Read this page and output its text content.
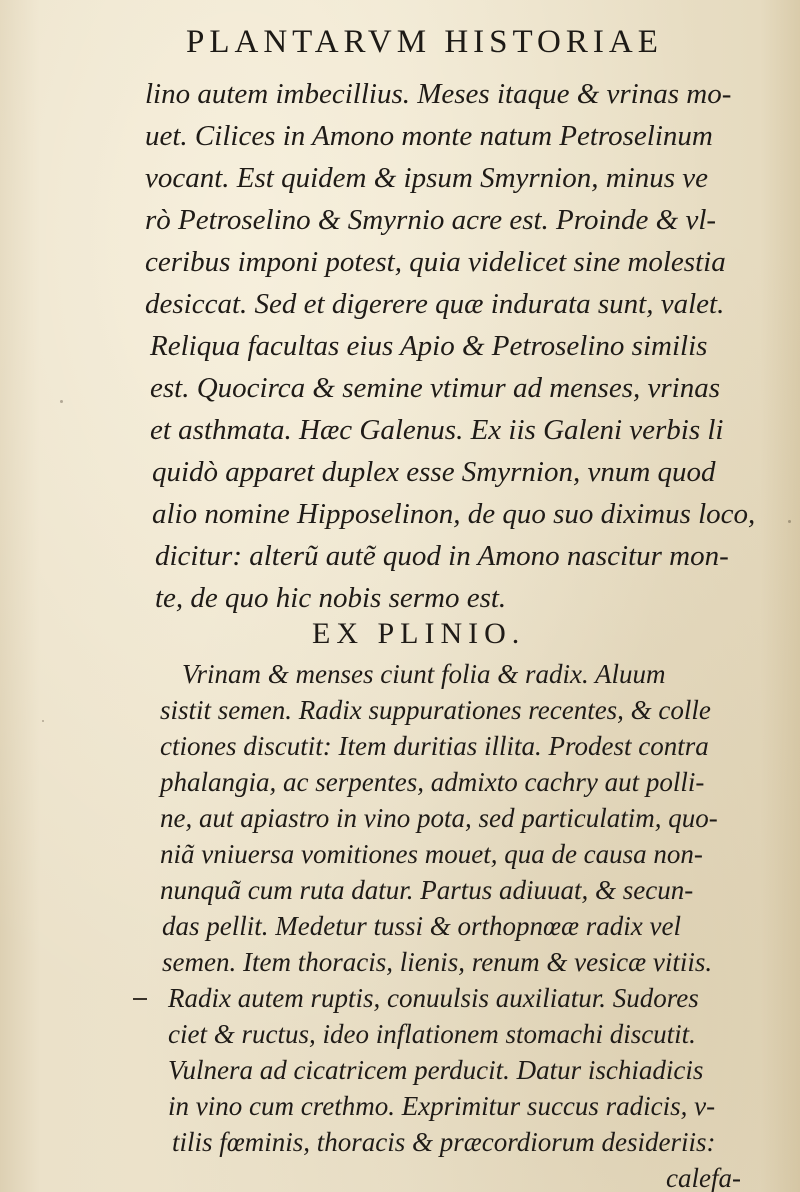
PLANTARVM HISTORIAE
lino autem imbecillius. Meses itaque & vrinas mo-
uet. Cilices in Amono monte natum Petroselinum
vocant. Est quidem & ipsum Smyrnion, minus ve
rò Petroselino & Smyrnio acre est. Proinde & vl-
ceribus imponi potest, quia videlicet sine molestia
desiccat. Sed et digerere quæ indurata sunt, valet.
Reliqua facultas eius Apio & Petroselino similis
est. Quocirca & semine vtimur ad menses, vrinas
et asthmata. Hæc Galenus. Ex iis Galeni verbis li
quidò apparet duplex esse Smyrnion, vnum quod
alio nomine Hipposelinon, de quo suo diximus loco,
dicitur: alterũ autẽ quod in Amono nascitur mon-
te, de quo hic nobis sermo est.
EX PLINIO.
Vrinam & menses ciunt folia & radix. Aluum
sistit semen. Radix suppurationes recentes, & colle
ctiones discutit: Item duritias illita. Prodest contra
phalangia, ac serpentes, admixto cachry aut polli-
ne, aut apiastro in vino pota, sed particulatim, quo-
niã vniuersa vomitiones mouet, qua de causa non-
nunquã cum ruta datur. Partus adiuuat, & secun-
das pellit. Medetur tussi & orthopnœæ radix vel
semen. Item thoracis, lienis, renum & vesicæ vitiis.
Radix autem ruptis, conuulsis auxiliatur. Sudores
ciet & ructus, ideo inflationem stomachi discutit.
Vulnera ad cicatricem perducit. Datur ischiadicis
in vino cum crethmo. Exprimitur succus radicis, v-
tilis fœminis, thoracis & præcordiorum desideriis:
calefa-
